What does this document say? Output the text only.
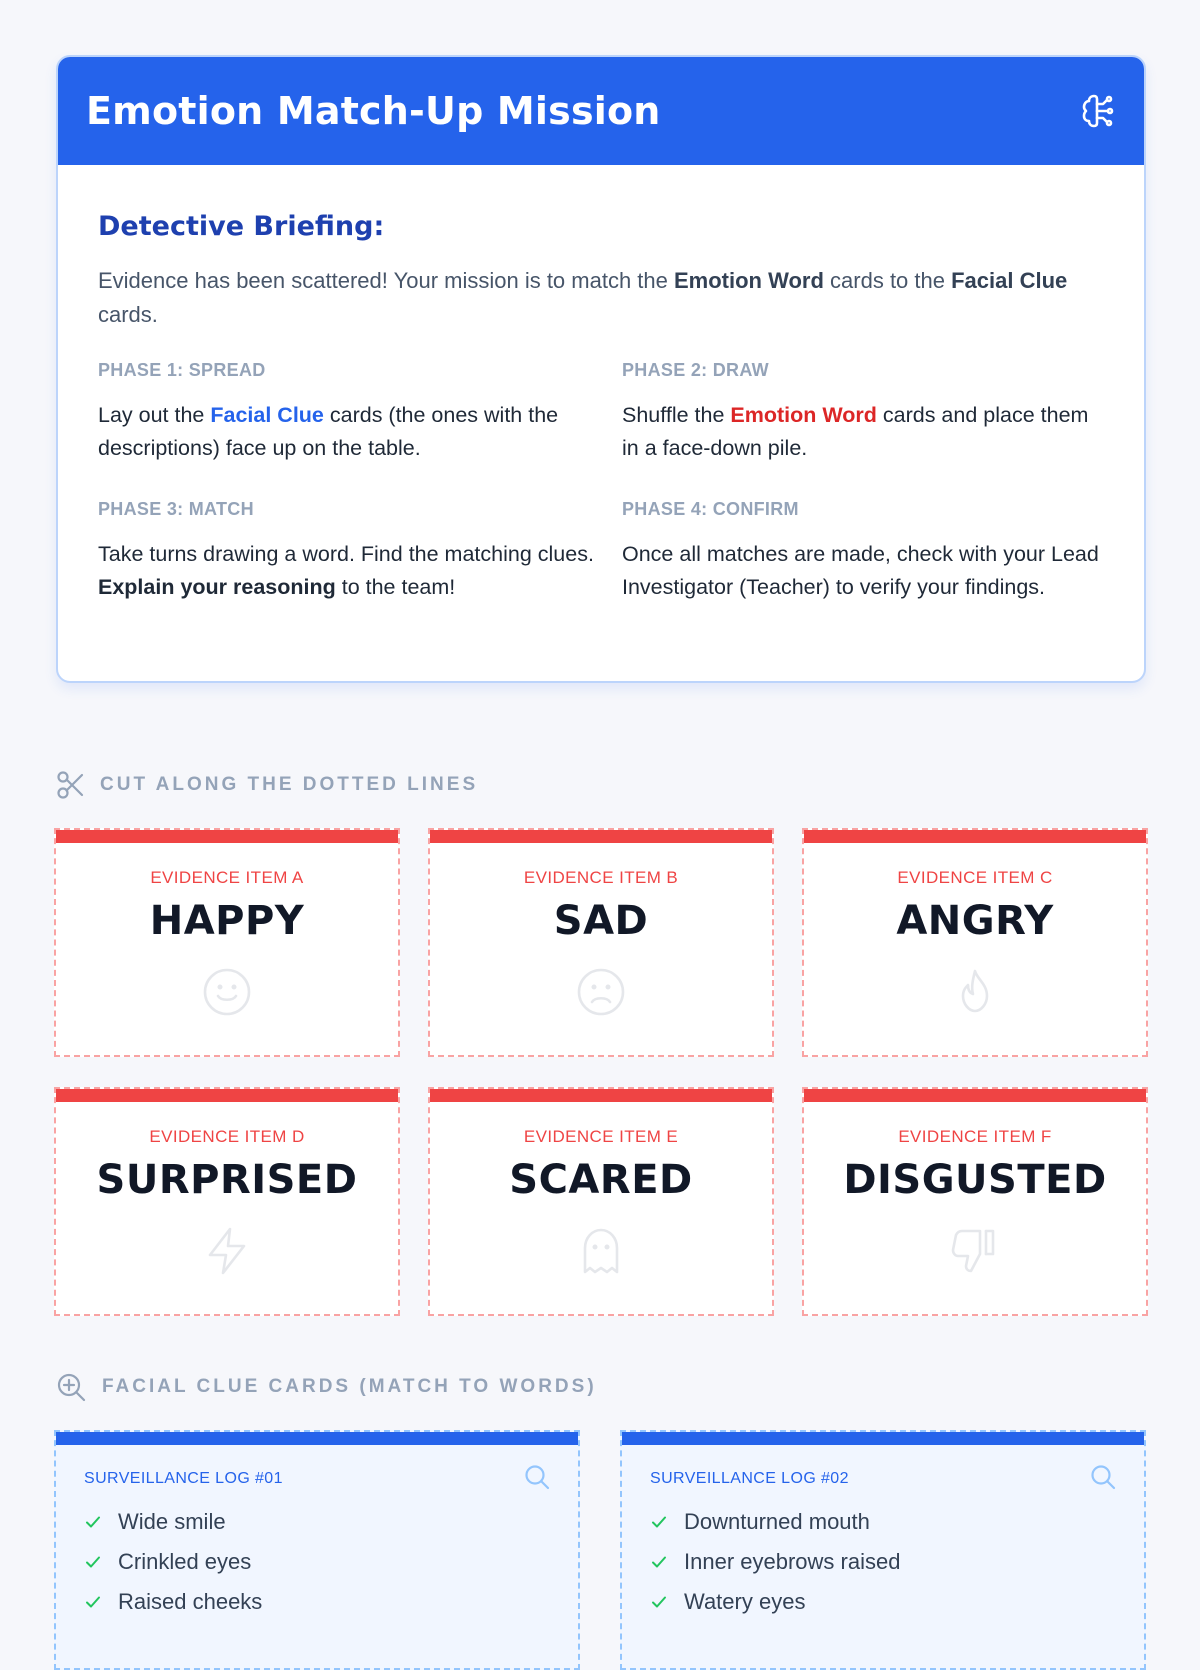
Emotion Match-Up Mission
Detective Briefing:

Evidence has been scattered! Your mission is to match the Emotion Word cards to the Facial Clue cards.

PHASE 1: SPREAD
Lay out the Facial Clue cards (the ones with the descriptions) face up on the table.
PHASE 2: DRAW
Shuffle the Emotion Word cards and place them in a face-down pile.
PHASE 3: MATCH
Take turns drawing a word. Find the matching clues. Explain your reasoning to the team!
PHASE 4: CONFIRM
Once all matches are made, check with your Lead Investigator (Teacher) to verify your findings.
CUT ALONG THE DOTTED LINES
EVIDENCE ITEM A
HAPPY
EVIDENCE ITEM B
SAD
EVIDENCE ITEM C
ANGRY
EVIDENCE ITEM D
SURPRISED
EVIDENCE ITEM E
SCARED
EVIDENCE ITEM F
DISGUSTED
FACIAL CLUE CARDS (MATCH TO WORDS)
SURVEILLANCE LOG #01
Wide smile
Crinkled eyes
Raised cheeks
SURVEILLANCE LOG #02
Downturned mouth
Inner eyebrows raised
Watery eyes
